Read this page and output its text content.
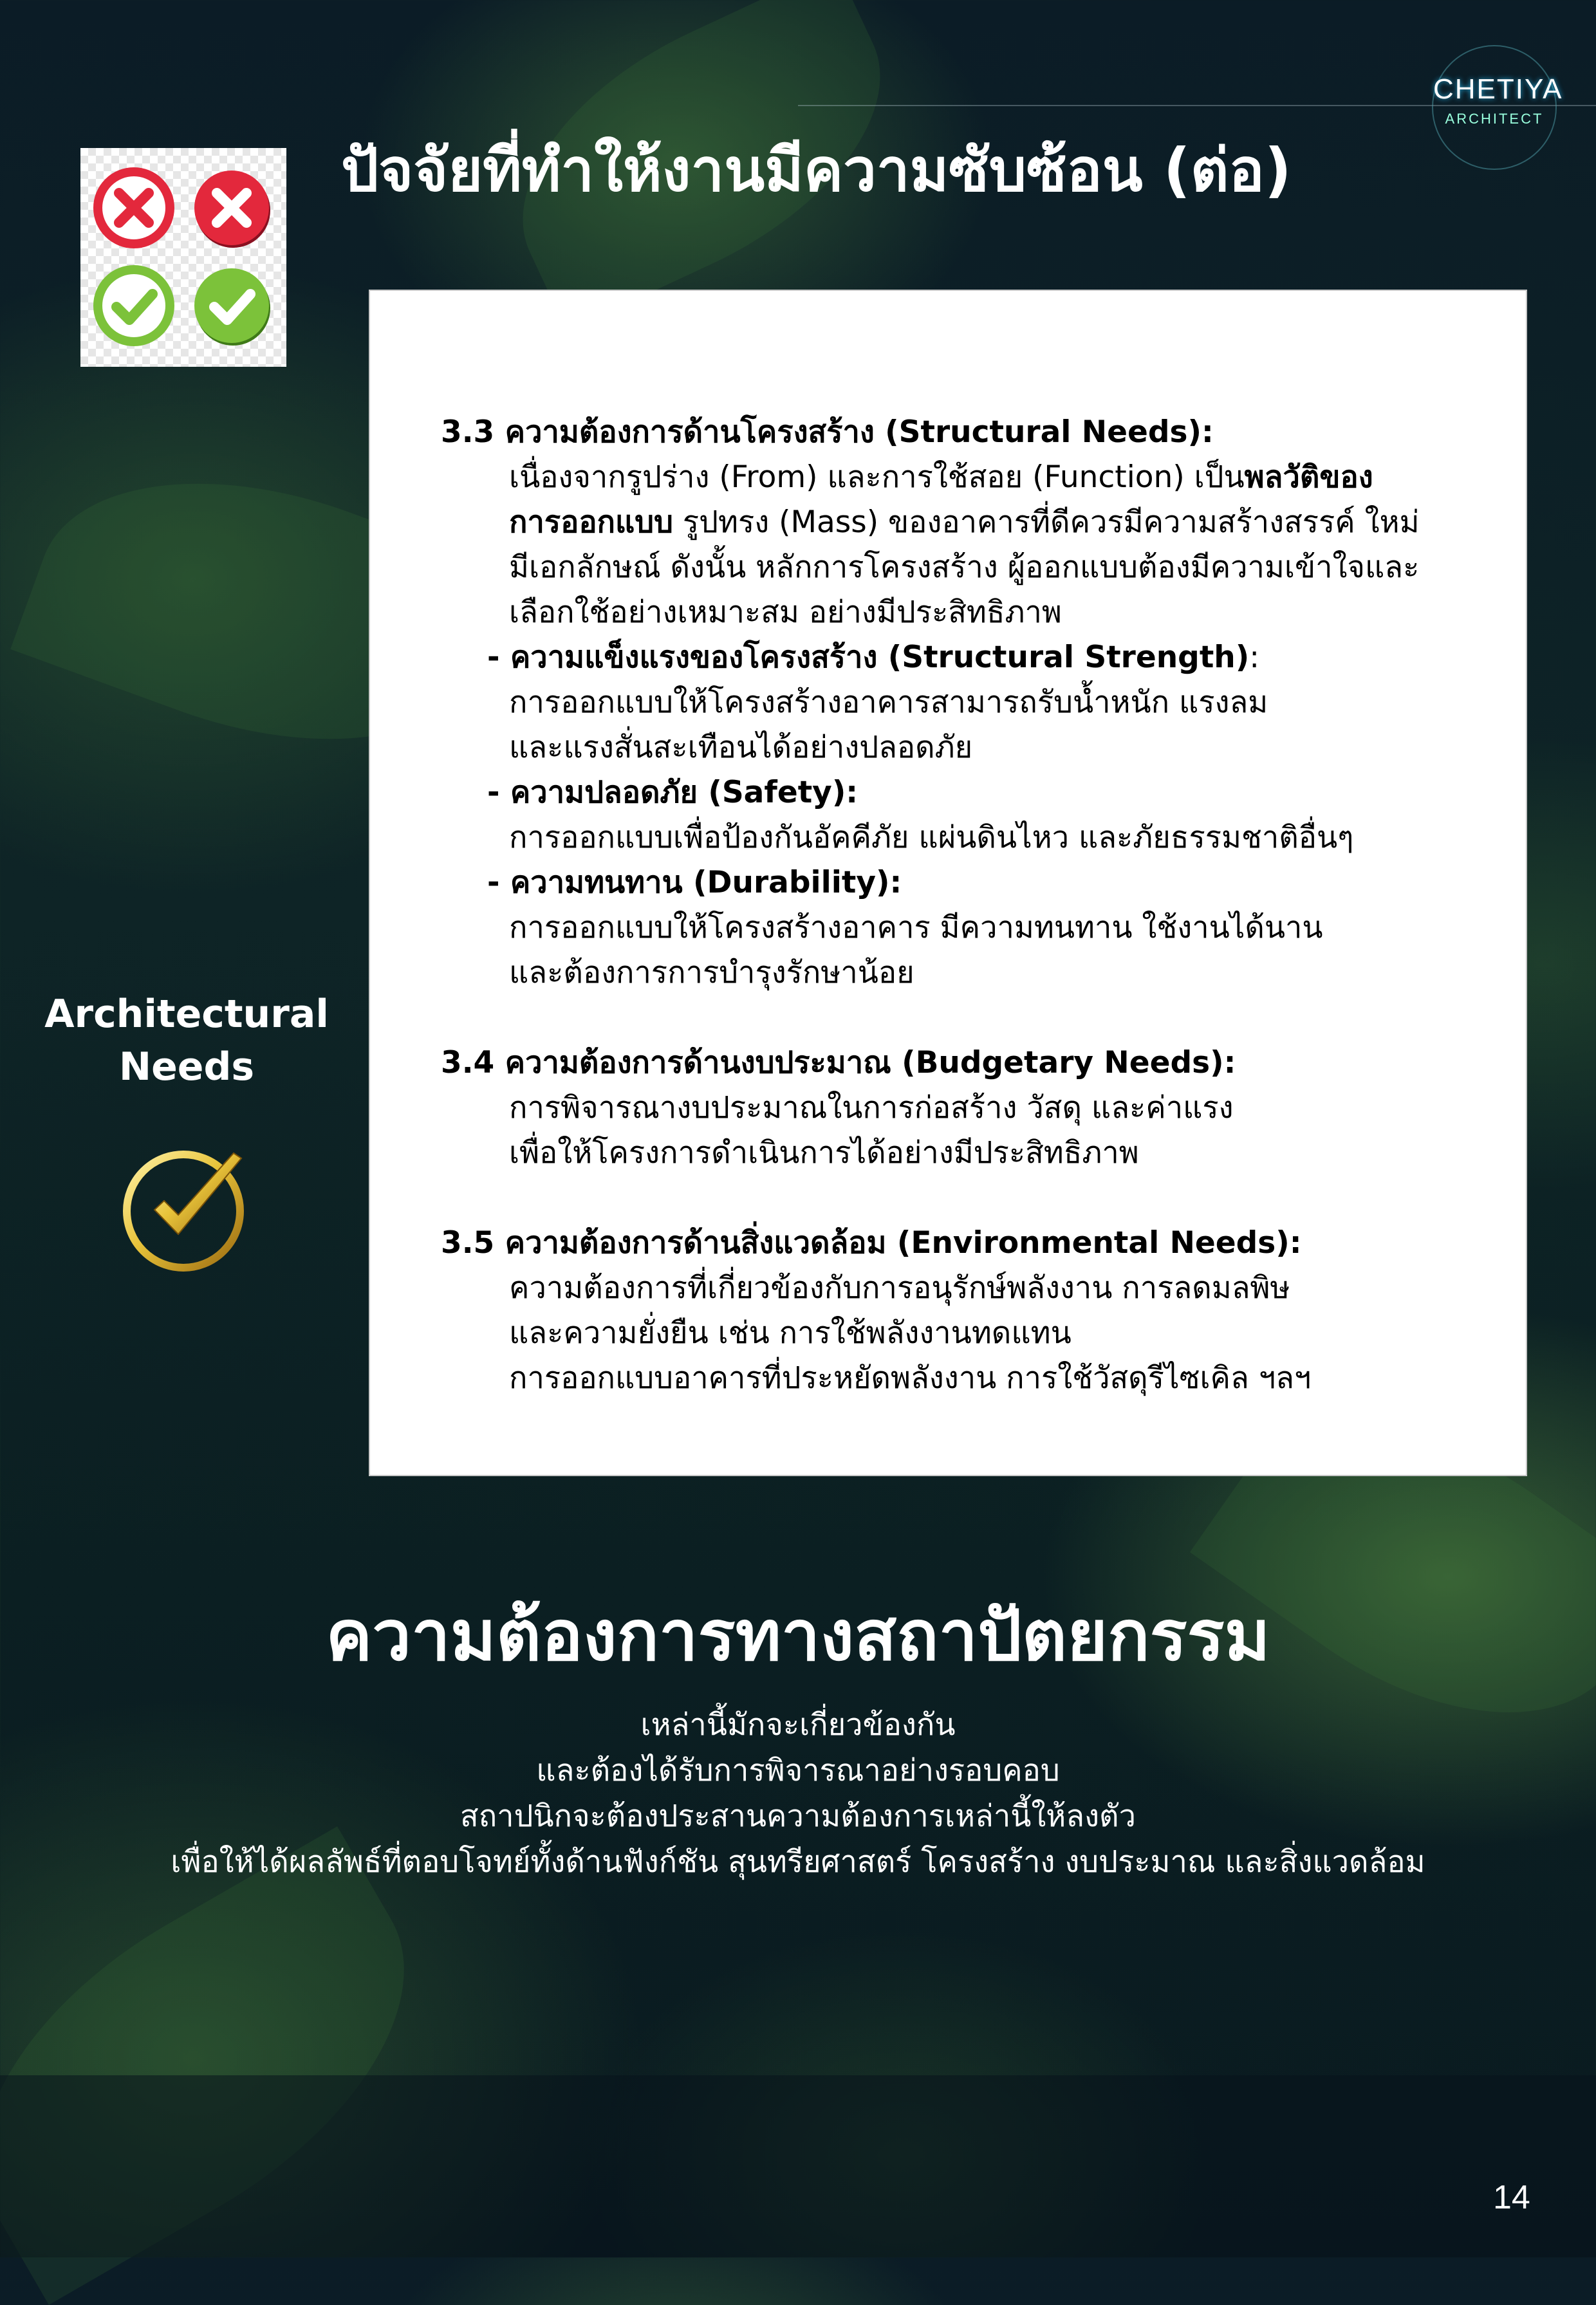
CHETIYA
ARCHITECT
ปัจจัยที่ทำให้งานมีความซับซ้อน (ต่อ)

3.3 ความต้องการด้านโครงสร้าง (Structural Needs):

เนื่องจากรูปร่าง (From) และการใช้สอย (Function) เป็นพลวัติของ

การออกแบบ รูปทรง (Mass) ของอาคารที่ดีควรมีความสร้างสรรค์ ใหม่

มีเอกลักษณ์ ดังนั้น หลักการโครงสร้าง ผู้ออกแบบต้องมีความเข้าใจและ

เลือกใช้อย่างเหมาะสม อย่างมีประสิทธิภาพ

- ความแข็งแรงของโครงสร้าง (Structural Strength):

การออกแบบให้โครงสร้างอาคารสามารถรับน้ำหนัก แรงลม

และแรงสั่นสะเทือนได้อย่างปลอดภัย

- ความปลอดภัย (Safety):

การออกแบบเพื่อป้องกันอัคคีภัย แผ่นดินไหว และภัยธรรมชาติอื่นๆ

- ความทนทาน (Durability):

การออกแบบให้โครงสร้างอาคาร มีความทนทาน ใช้งานได้นาน

และต้องการการบำรุงรักษาน้อย

3.4 ความต้องการด้านงบประมาณ (Budgetary Needs):

การพิจารณางบประมาณในการก่อสร้าง วัสดุ และค่าแรง

เพื่อให้โครงการดำเนินการได้อย่างมีประสิทธิภาพ

3.5 ความต้องการด้านสิ่งแวดล้อม (Environmental Needs):

ความต้องการที่เกี่ยวข้องกับการอนุรักษ์พลังงาน การลดมลพิษ

และความยั่งยืน เช่น การใช้พลังงานทดแทน

การออกแบบอาคารที่ประหยัดพลังงาน การใช้วัสดุรีไซเคิล ฯลฯ

Architectural
Needs
ความต้องการทางสถาปัตยกรรม
เหล่านี้มักจะเกี่ยวข้องกัน
และต้องได้รับการพิจารณาอย่างรอบคอบ
สถาปนิกจะต้องประสานความต้องการเหล่านี้ให้ลงตัว
เพื่อให้ได้ผลลัพธ์ที่ตอบโจทย์ทั้งด้านฟังก์ชัน สุนทรียศาสตร์ โครงสร้าง งบประมาณ และสิ่งแวดล้อม
14
